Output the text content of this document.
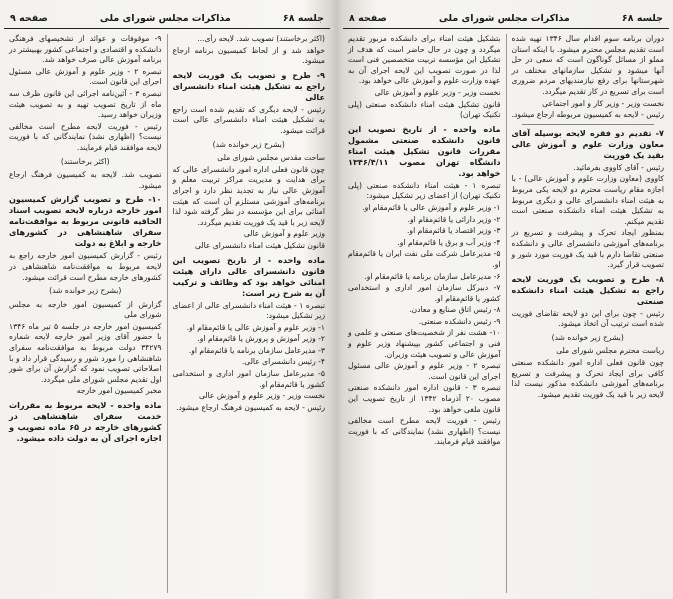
جلسه ۶۸
مذاکرات مجلس شورای ملی
صفحه ۹
(اکثر برخاستند) تصویب شد. لایحه رأی...
خواهد شد و از لحاظ کمیسیون برنامه ارجاع میشود.
۹- طرح و تصویب یک فوریت لایحه راجع به تشکیل هیئت امناء دانشسرای عالی
رئیس - لایحه دیگری که تقدیم شده است راجع به تشکیل هیئت امناء دانشسرای عالی است قرائت میشود.
(بشرح زیر خوانده شد)
ساحت مقدس مجلس شورای ملی
چون قانون فعلی اداره امور دانشسرای عالی که برای هدایت و مدیریت مراکز تربیت معلم و آموزش عالی نیاز به تجدید نظر دارد و اجرای برنامه‌های آموزشی مستلزم آن است که هیئت امنائی برای این مؤسسه در نظر گرفته شود لذا لایحه زیر با قید یک فوریت تقدیم میگردد.
وزیر علوم و آموزش عالی
قانون تشکیل هیئت امناء دانشسرای عالی
ماده واحده - از تاریخ تصویب این قانون دانشسرای عالی دارای هیئت امنائی خواهد بود که وظائف و ترکیب آن به شرح زیر است:
تبصره ۱ - هیئت امناء دانشسرای عالی از اعضای زیر تشکیل میشود:
۱- وزیر علوم و آموزش عالی یا قائم‌مقام او.
۲- وزیر آموزش و پرورش یا قائم‌مقام او.
۳- مدیرعامل سازمان برنامه یا قائم‌مقام او.
۴- رئیس دانشسرای عالی.
۵- مدیرعامل سازمان امور اداری و استخدامی کشور یا قائم‌مقام او.
نخست وزیر - وزیر علوم و آموزش عالی
رئیس - لایحه به کمیسیون فرهنگ ارجاع میشود.
۹- موقوفات و عوائد از تشخیصهای فرهنگی دانشکده و اقتصادی و اجتماعی کشور بهبیشتر در برنامه آموزش عالی صرف خواهد شد.
تبصره ۲ - وزیر علوم و آموزش عالی مسئول اجرای این قانون است.
تبصره ۳ - آئین‌نامه اجرائی این قانون ظرف سه ماه از تاریخ تصویب تهیه و به تصویب هیئت وزیران خواهد رسید.
رئیس - فوریت لایحه مطرح است مخالفی نیست؟ (اظهاری نشد) نمایندگانی که با فوریت لایحه موافقند قیام فرمایند.
(اکثر برخاستند)
تصویب شد. لایحه به کمیسیون فرهنگ ارجاع میشود.
۱۰- طرح و تصویب گزارش کمیسیون امور خارجه درباره لایحه تصویب اسناد الحاقیه قانونی مربوط به موافقت‌نامه سفرای شاهنشاهی در کشورهای خارجه و ابلاغ به دولت
رئیس - گزارش کمیسیون امور خارجه راجع به لایحه مربوط به موافقت‌نامه شاهنشاهی در کشورهای خارجه مطرح است قرائت میشود.
(بشرح زیر خوانده شد)
گزارش از کمیسیون امور خارجه به مجلس شورای ملی
کمیسیون امور خارجه در جلسه ۵ تیر ماه ۱۳۴۶ با حضور آقای وزیر امور خارجه لایحه شماره ۳۴۲۷۹ دولت مربوط به موافقت‌نامه سفرای شاهنشاهی را مورد شور و رسیدگی قرار داد و با اصلاحاتی تصویب نمود که گزارش آن برای شور اول تقدیم مجلس شورای ملی میگردد.
مخبر کمیسیون امور خارجه
ماده واحده - لایحه مربوط به مقررات خدمت سفرای شاهنشاهی در کشورهای خارجه در ۶۵ ماده تصویب و اجازه اجرای آن به دولت داده میشود.
جلسه ۶۸
مذاکرات مجلس شورای ملی
صفحه ۸
دوران برنامه سوم اقدام سال ۱۳۴۶ تهیه شده است تقدیم مجلس محترم میشود. با اینکه استان مملو از مسائل گوناگون است که سعی در حل آنها میشود و تشکیل سازمانهای مختلف در شهرستانها برای رفع نیازمندیهای مردم ضروری است برای تسریع در کار تقدیم میگردد.
نخست وزیر - وزیر کار و امور اجتماعی
رئیس - لایحه به کمیسیون مربوطه ارجاع میشود.
۷- تقدیم دو فقره لایحه بوسیله آقای معاون وزارت علوم و آموزش عالی بقید یک فوریت
رئیس - آقای کاووی بفرمائید.
کاووی (معاون وزارت علوم و آموزش عالی) - با اجازه مقام ریاست محترم دو لایحه یکی مربوط به هیئت امناء دانشسرای عالی و دیگری مربوط به تشکیل هیئت امناء دانشکده صنعتی است تقدیم میکنم.
بمنظور ایجاد تحرک و پیشرفت و تسریع در برنامه‌های آموزشی دانشسرای عالی و دانشکده صنعتی تقاضا دارم با قید یک فوریت مورد شور و تصویب قرار گیرد.
۸- طرح و تصویب یک فوریت لایحه راجع به تشکیل هیئت امناء دانشکده صنعتی
رئیس - چون برای این دو لایحه تقاضای فوریت شده است ترتیب آن اتخاذ میشود.
(بشرح زیر خوانده شد)
ریاست محترم مجلس شورای ملی
چون قانون فعلی اداره امور دانشکده صنعتی کافی برای ایجاد تحرک و پیشرفت و تسریع برنامه‌های آموزشی دانشکده مذکور نیست لذا لایحه زیر با قید یک فوریت تقدیم میشود.
بتشکیل هیئت امناء برای دانشکده مزبور تقدیم میگردد و چون در حال حاضر است که هدف از تشکیل این مؤسسه تربیت متخصصین فنی است لذا در صورت تصویب این لایحه اجرای آن به عهده وزارت علوم و آموزش عالی خواهد بود.
نخست وزیر - وزیر علوم و آموزش عالی
قانون تشکیل هیئت امناء دانشکده صنعتی (پلی تکنیک تهران)
ماده واحده - از تاریخ تصویب این قانون دانشکده صنعتی مشمول مقررات قانون تشکیل هیئت امناء دانشگاه تهران مصوب ۱۳۴۶/۴/۱۱ خواهد بود.
تبصره ۱ - هیئت امناء دانشکده صنعتی (پلی تکنیک تهران) از اعضای زیر تشکیل میشود:
۱- وزیر علوم و آموزش عالی یا قائم‌مقام او.
۲- وزیر دارائی یا قائم‌مقام او.
۳- وزیر اقتصاد یا قائم‌مقام او.
۴- وزیر آب و برق یا قائم‌مقام او.
۵- مدیرعامل شرکت ملی نفت ایران یا قائم‌مقام او.
۶- مدیرعامل سازمان برنامه یا قائم‌مقام او.
۷- دبیرکل سازمان امور اداری و استخدامی کشور یا قائم‌مقام او.
۸- رئیس اتاق صنایع و معادن.
۹- رئیس دانشکده صنعتی.
۱۰- هشت نفر از شخصیت‌های صنعتی و علمی و فنی و اجتماعی کشور بپیشنهاد وزیر علوم و آموزش عالی و تصویب هیئت وزیران.
تبصره ۲ - وزیر علوم و آموزش عالی مسئول اجرای این قانون است.
تبصره ۳ - قانون اداره امور دانشکده صنعتی مصوب ۲۰ آذرماه ۱۳۴۲ از تاریخ تصویب این قانون ملغی خواهد بود.
رئیس - فوریت لایحه مطرح است مخالفی نیست؟ (اظهاری نشد) نمایندگانی که با فوریت موافقند قیام فرمایند.
